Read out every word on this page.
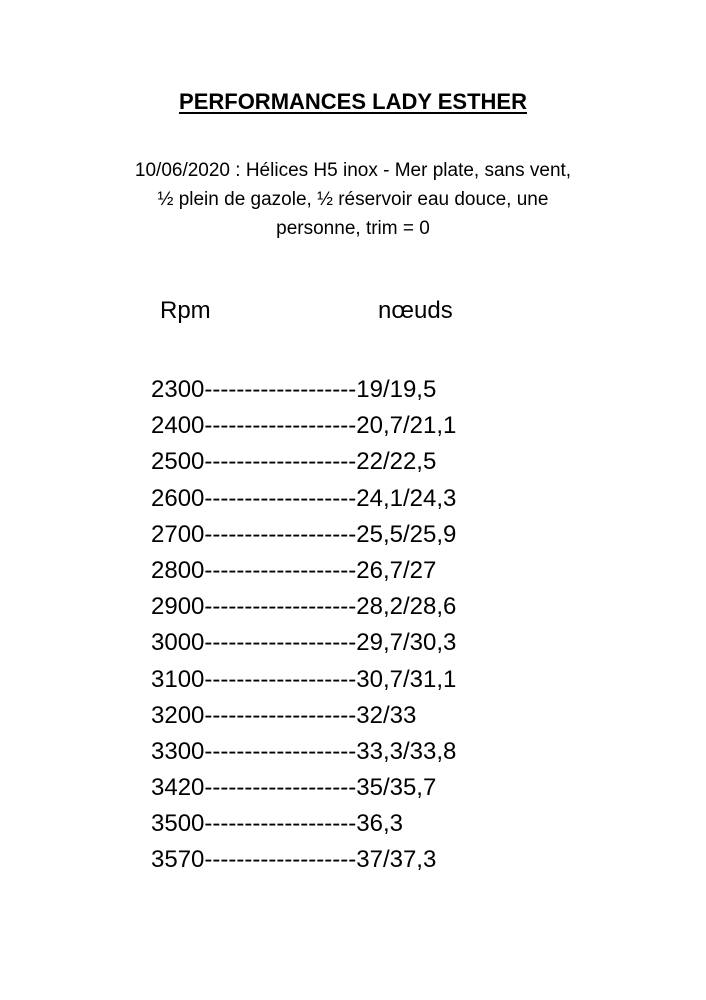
PERFORMANCES LADY ESTHER
10/06/2020 : Hélices H5 inox - Mer plate, sans vent,
½ plein de gazole, ½ réservoir eau douce, une
personne, trim = 0
Rpm	nœuds
2300-------------------19/19,5
2400-------------------20,7/21,1
2500-------------------22/22,5
2600-------------------24,1/24,3
2700-------------------25,5/25,9
2800-------------------26,7/27
2900-------------------28,2/28,6
3000-------------------29,7/30,3
3100-------------------30,7/31,1
3200-------------------32/33
3300-------------------33,3/33,8
3420-------------------35/35,7
3500-------------------36,3
3570-------------------37/37,3
